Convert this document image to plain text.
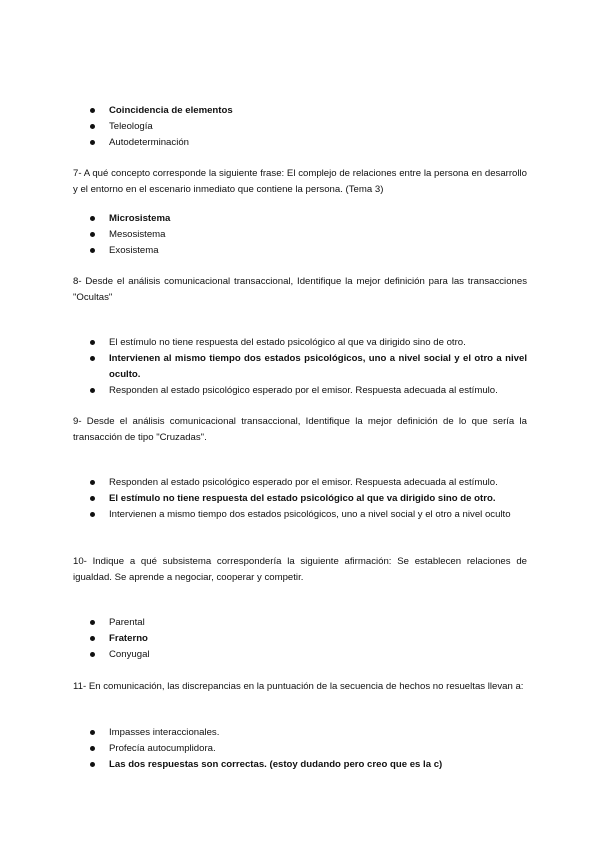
Coincidencia de elementos
Teleología
Autodeterminación
7- A qué concepto corresponde la siguiente frase: El complejo de relaciones entre la persona en desarrollo y el entorno en el escenario inmediato que contiene la persona. (Tema 3)
Microsistema
Mesosistema
Exosistema
8- Desde el análisis comunicacional transaccional, Identifique la mejor definición para las transacciones "Ocultas"
El estímulo no tiene respuesta del estado psicológico al que va dirigido sino de otro.
Intervienen al mismo tiempo dos estados psicológicos, uno a nivel social y el otro a nivel oculto.
Responden al estado psicológico esperado por el emisor. Respuesta adecuada al estímulo.
9- Desde el análisis comunicacional transaccional, Identifique la mejor definición de lo que sería la transacción de tipo "Cruzadas".
Responden al estado psicológico esperado por el emisor. Respuesta adecuada al estímulo.
El estímulo no tiene respuesta del estado psicológico al que va dirigido sino de otro.
Intervienen a mismo tiempo dos estados psicológicos, uno a nivel social y el otro a nivel oculto
10- Indique a qué subsistema correspondería la siguiente afirmación: Se establecen relaciones de igualdad. Se aprende a negociar, cooperar y competir.
Parental
Fraterno
Conyugal
11- En comunicación, las discrepancias en la puntuación de la secuencia de hechos no resueltas llevan a:
Impasses interaccionales.
Profecía autocumplidora.
Las dos respuestas son correctas. (estoy dudando pero creo que es la c)
